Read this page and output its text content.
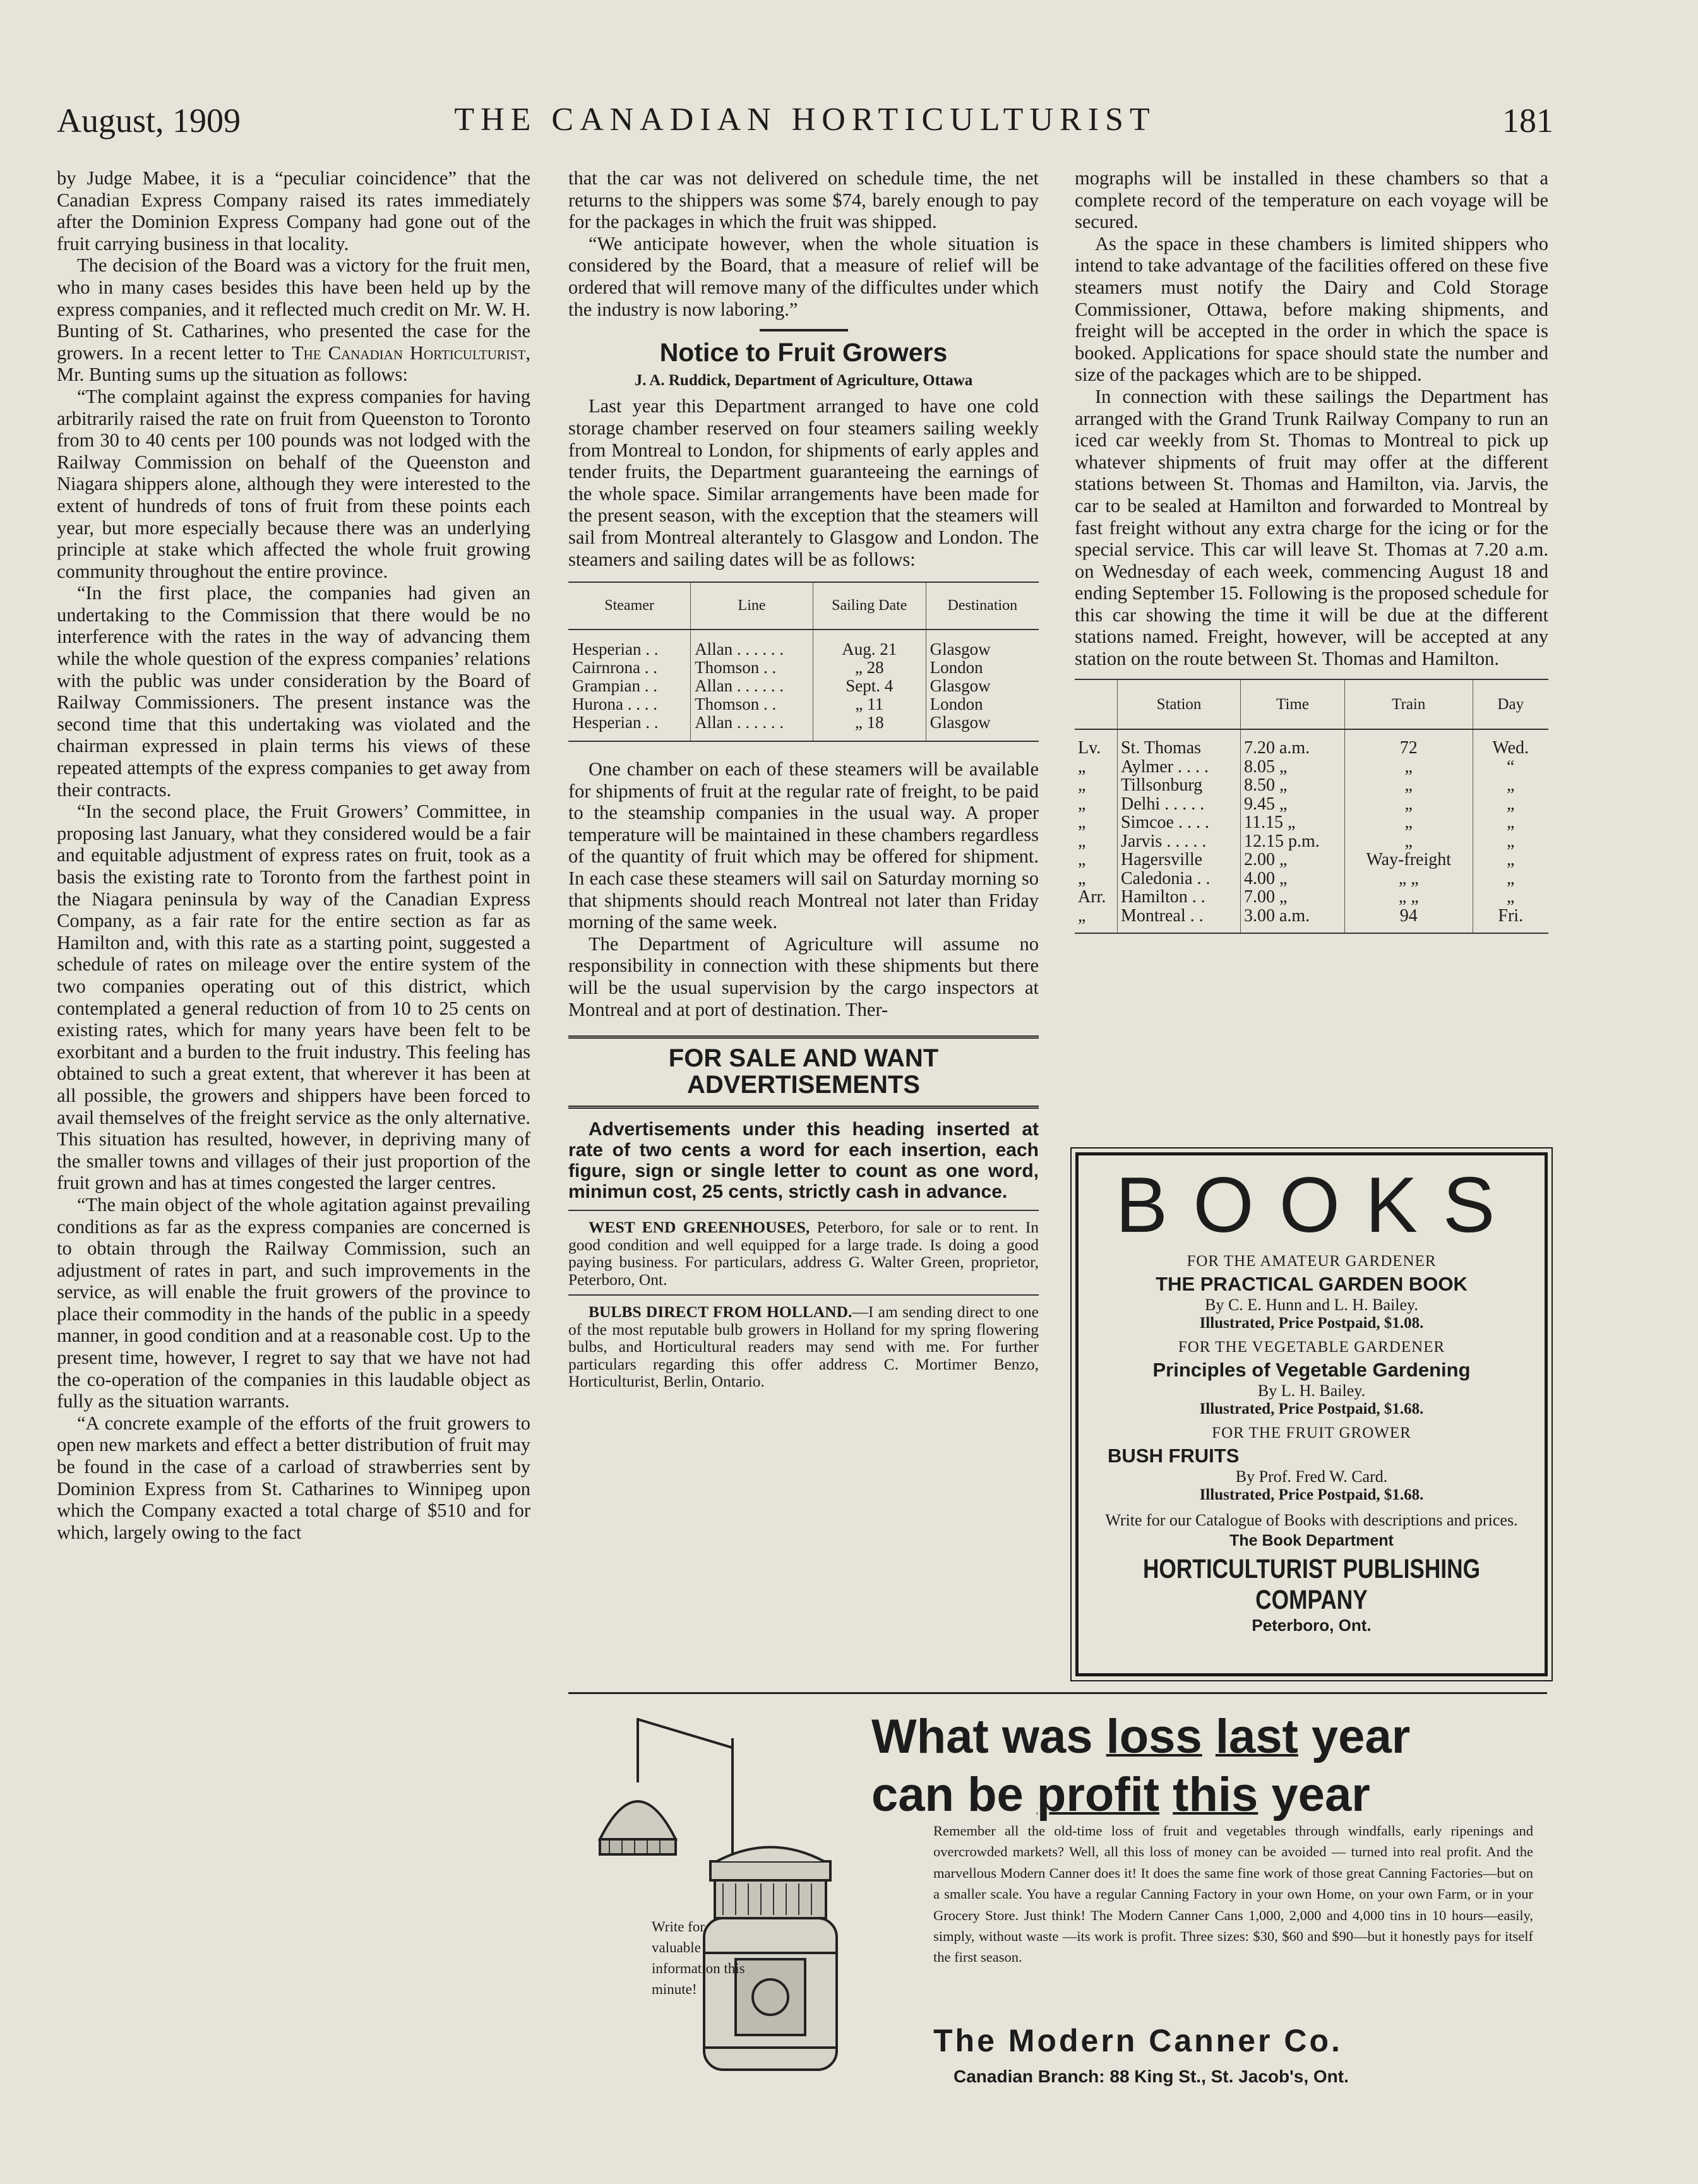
August, 1909	THE CANADIAN HORTICULTURIST	181

by Judge Mabee, it is a “peculiar coincidence” that the Canadian Express Company raised its rates immediately after the Dominion Express Company had gone out of the fruit carrying business in that locality.

The decision of the Board was a victory for the fruit men, who in many cases besides this have been held up by the express companies, and it reflected much credit on Mr. W. H. Bunting of St. Catharines, who presented the case for the growers. In a recent letter to The Canadian Horticulturist, Mr. Bunting sums up the situation as follows:

“The complaint against the express companies for having arbitrarily raised the rate on fruit from Queenston to Toronto from 30 to 40 cents per 100 pounds was not lodged with the Railway Commission on behalf of the Queenston and Niagara shippers alone, although they were interested to the extent of hundreds of tons of fruit from these points each year, but more especially because there was an underlying principle at stake which affected the whole fruit growing community throughout the entire province.

“In the first place, the companies had given an undertaking to the Commission that there would be no interference with the rates in the way of advancing them while the whole question of the express companies’ relations with the public was under consideration by the Board of Railway Commissioners. The present instance was the second time that this undertaking was violated and the chairman expressed in plain terms his views of these repeated attempts of the express companies to get away from their contracts.

“In the second place, the Fruit Growers’ Committee, in proposing last January, what they considered would be a fair and equitable adjustment of express rates on fruit, took as a basis the existing rate to Toronto from the farthest point in the Niagara peninsula by way of the Canadian Express Company, as a fair rate for the entire section as far as Hamilton and, with this rate as a starting point, suggested a schedule of rates on mileage over the entire system of the two companies operating out of this district, which contemplated a general reduction of from 10 to 25 cents on existing rates, which for many years have been felt to be exorbitant and a burden to the fruit industry. This feeling has obtained to such a great extent, that wherever it has been at all possible, the growers and shippers have been forced to avail themselves of the freight service as the only alternative. This situation has resulted, however, in depriving many of the smaller towns and villages of their just proportion of the fruit grown and has at times congested the larger centres.

“The main object of the whole agitation against prevailing conditions as far as the express companies are concerned is to obtain through the Railway Commission, such an adjustment of rates in part, and such improvements in the service, as will enable the fruit growers of the province to place their commodity in the hands of the public in a speedy manner, in good condition and at a reasonable cost. Up to the present time, however, I regret to say that we have not had the co-operation of the companies in this laudable object as fully as the situation warrants.

“A concrete example of the efforts of the fruit growers to open new markets and effect a better distribution of fruit may be found in the case of a carload of strawberries sent by Dominion Express from St. Catharines to Winnipeg upon which the Company exacted a total charge of $510 and for which, largely owing to the fact

that the car was not delivered on schedule time, the net returns to the shippers was some $74, barely enough to pay for the packages in which the fruit was shipped.

“We anticipate however, when the whole situation is considered by the Board, that a measure of relief will be ordered that will remove many of the difficultes under which the industry is now laboring.”

Notice to Fruit Growers
J. A. Ruddick, Department of Agriculture, Ottawa

Last year this Department arranged to have one cold storage chamber reserved on four steamers sailing weekly from Montreal to London, for shipments of early apples and tender fruits, the Department guaranteeing the earnings of the whole space. Similar arrangements have been made for the present season, with the exception that the steamers will sail from Montreal alterantely to Glasgow and London. The steamers and sailing dates will be as follows:

Steamer	Line	Sailing Date	Destination
Hesperian . .	Allan . . . . . .	Aug. 21	Glasgow
Cairnrona . .	Thomson . .	„ 28	London
Grampian . .	Allan . . . . . .	Sept. 4	Glasgow
Hurona . . . .	Thomson . .	„ 11	London
Hesperian . .	Allan . . . . . .	„ 18	Glasgow

One chamber on each of these steamers will be available for shipments of fruit at the regular rate of freight, to be paid to the steamship companies in the usual way. A proper temperature will be maintained in these chambers regardless of the quantity of fruit which may be offered for shipment. In each case these steamers will sail on Saturday morning so that shipments should reach Montreal not later than Friday morning of the same week.

The Department of Agriculture will assume no responsibility in connection with these shipments but there will be the usual supervision by the cargo inspectors at Montreal and at port of destination. Ther-

FOR SALE AND WANT ADVERTISEMENTS
Advertisements under this heading inserted at rate of two cents a word for each insertion, each figure, sign or single letter to count as one word, minimun cost, 25 cents, strictly cash in advance.

WEST END GREENHOUSES, Peterboro, for sale or to rent. In good condition and well equipped for a large trade. Is doing a good paying business. For particulars, address G. Walter Green, proprietor, Peterboro, Ont.

BULBS DIRECT FROM HOLLAND.—I am sending direct to one of the most reputable bulb growers in Holland for my spring flowering bulbs, and Horticultural readers may send with me. For further particulars regarding this offer address C. Mortimer Benzo, Horticulturist, Berlin, Ontario.

mographs will be installed in these chambers so that a complete record of the temperature on each voyage will be secured.

As the space in these chambers is limited shippers who intend to take advantage of the facilities offered on these five steamers must notify the Dairy and Cold Storage Commissioner, Ottawa, before making shipments, and freight will be accepted in the order in which the space is booked. Applications for space should state the number and size of the packages which are to be shipped.

In connection with these sailings the Department has arranged with the Grand Trunk Railway Company to run an iced car weekly from St. Thomas to Montreal to pick up whatever shipments of fruit may offer at the different stations between St. Thomas and Hamilton, via. Jarvis, the car to be sealed at Hamilton and forwarded to Montreal by fast freight without any extra charge for the icing or for the special service. This car will leave St. Thomas at 7.20 a.m. on Wednesday of each week, commencing August 18 and ending September 15. Following is the proposed schedule for this car showing the time it will be due at the different stations named. Freight, however, will be accepted at any station on the route between St. Thomas and Hamilton.

	Station	Time	Train	Day
Lv.	St. Thomas	7.20 a.m.	72	Wed.
„	Aylmer . . . .	8.05 „	„	“
„	Tillsonburg	8.50 „	„	„
„	Delhi . . . . .	9.45 „	„	„
„	Simcoe . . . .	11.15 „	„	„
„	Jarvis . . . . .	12.15 p.m.	„	„
„	Hagersville	2.00 „	Way-freight	„
„	Caledonia . .	4.00 „	„ „	„
Arr.	Hamilton . .	7.00 „	„ „	„
„	Montreal . .	3.00 a.m.	94	Fri.
BOOKS
FOR THE AMATEUR GARDENER
THE PRACTICAL GARDEN BOOK
By C. E. Hunn and L. H. Bailey.
Illustrated, Price Postpaid, $1.08.
FOR THE VEGETABLE GARDENER
Principles of Vegetable Gardening
By L. H. Bailey.
Illustrated, Price Postpaid, $1.68.
FOR THE FRUIT GROWER
BUSH FRUITS
By Prof. Fred W. Card.
Illustrated, Price Postpaid, $1.68.
Write for our Catalogue of Books with descriptions and prices.
The Book Department
HORTICULTURIST PUBLISHING COMPANY
Peterboro, Ont.
Write for valuable information this minute!
What was loss last year
can be profit this year
Remember all the old-time loss of fruit and vegetables through windfalls, early ripenings and overcrowded markets? Well, all this loss of money can be avoided — turned into real profit. And the marvellous Modern Canner does it! It does the same fine work of those great Canning Factories—but on a smaller scale. You have a regular Canning Factory in your own Home, on your own Farm, or in your Grocery Store. Just think! The Modern Canner Cans 1,000, 2,000 and 4,000 tins in 10 hours—easily, simply, without waste —its work is profit. Three sizes: $30, $60 and $90—but it honestly pays for itself the first season.
The Modern Canner Co.
Canadian Branch: 88 King St., St. Jacob's, Ont.
